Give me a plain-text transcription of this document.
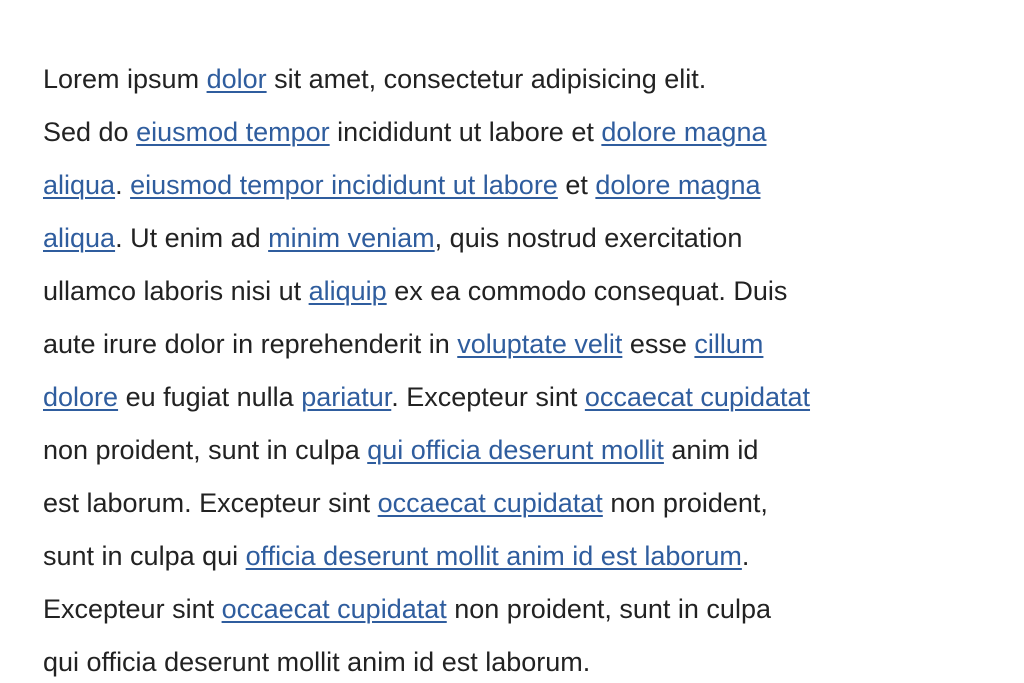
Lorem ipsum dolor sit amet, consectetur adipisicing elit.
Sed do eiusmod tempor incididunt ut labore et dolore magna
aliqua. eiusmod tempor incididunt ut labore et dolore magna
aliqua. Ut enim ad minim veniam, quis nostrud exercitation
ullamco laboris nisi ut aliquip ex ea commodo consequat. Duis
aute irure dolor in reprehenderit in voluptate velit esse cillum
dolore eu fugiat nulla pariatur. Excepteur sint occaecat cupidatat
non proident, sunt in culpa qui officia deserunt mollit anim id
est laborum. Excepteur sint occaecat cupidatat non proident,
sunt in culpa qui officia deserunt mollit anim id est laborum.
Excepteur sint occaecat cupidatat non proident, sunt in culpa
qui officia deserunt mollit anim id est laborum.
